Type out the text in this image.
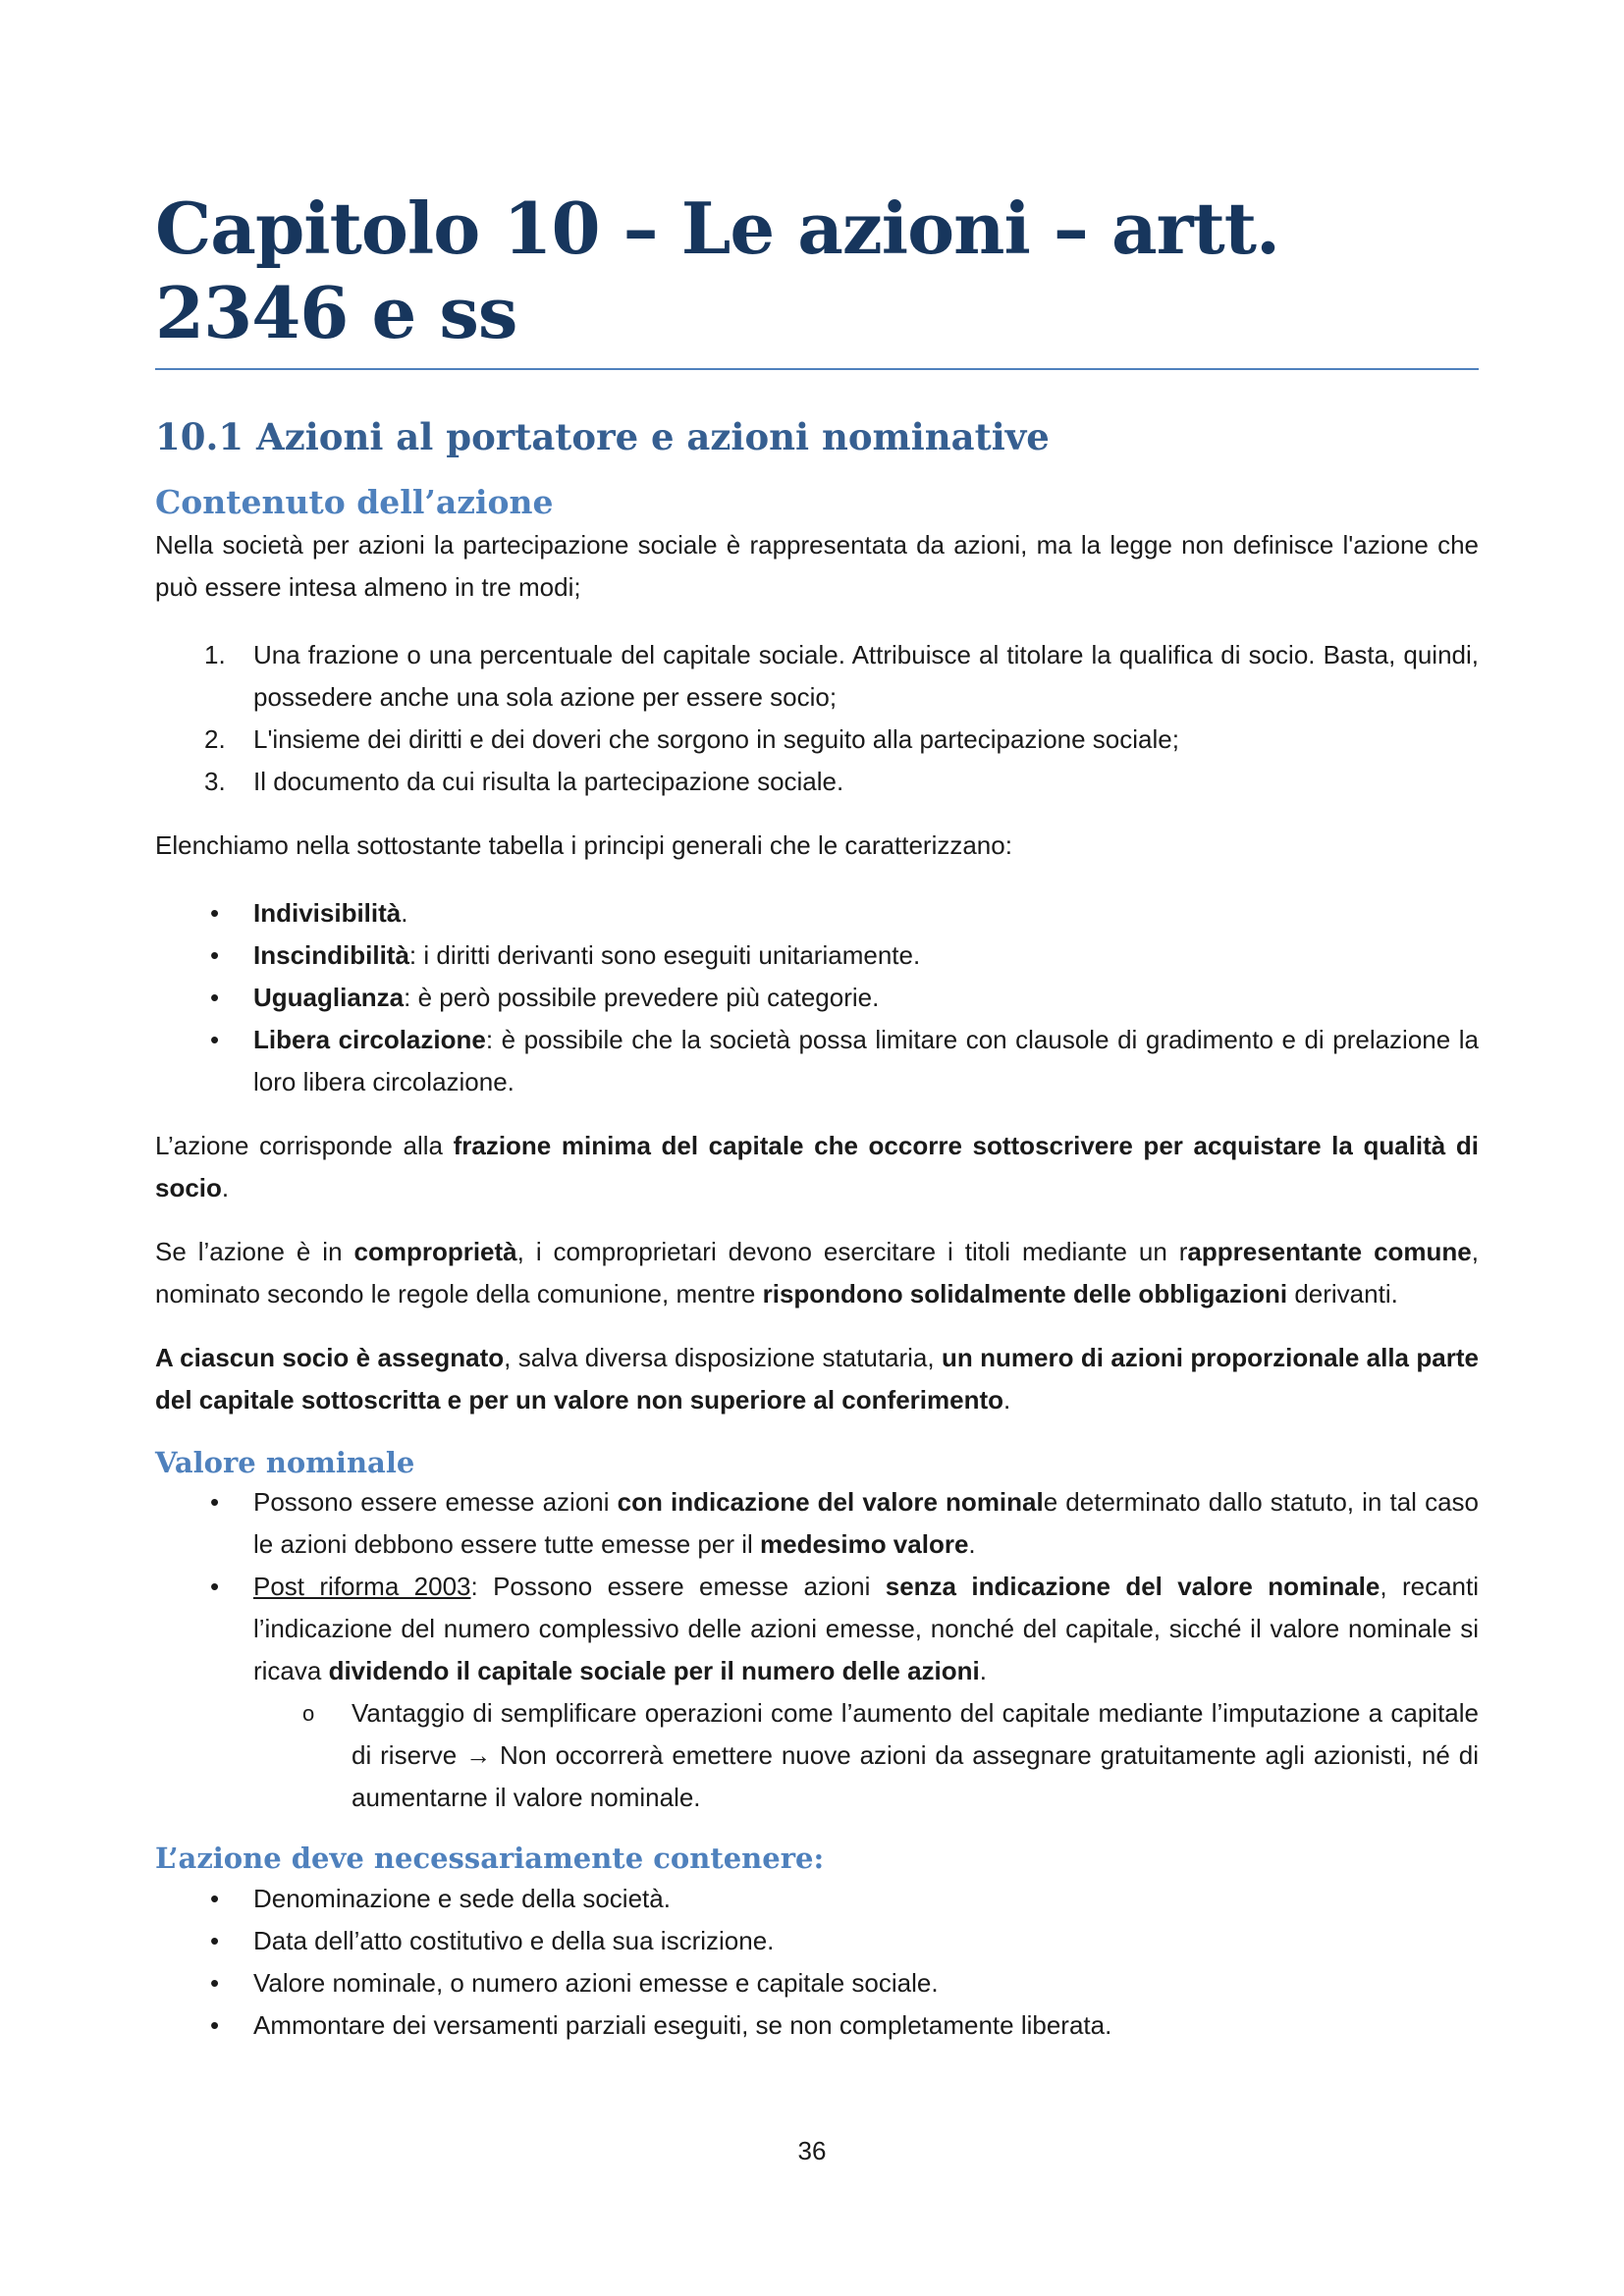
Capitolo 10 – Le azioni – artt. 2346 e ss
10.1 Azioni al portatore e azioni nominative
Contenuto dell’azione

Nella società per azioni la partecipazione sociale è rappresentata da azioni, ma la legge non definisce l'azione che può essere intesa almeno in tre modi;

1. Una frazione o una percentuale del capitale sociale. Attribuisce al titolare la qualifica di socio. Basta, quindi, possedere anche una sola azione per essere socio;
2. L'insieme dei diritti e dei doveri che sorgono in seguito alla partecipazione sociale;
3. Il documento da cui risulta la partecipazione sociale.

Elenchiamo nella sottostante tabella i principi generali che le caratterizzano:

• Indivisibilità.
• Inscindibilità: i diritti derivanti sono eseguiti unitariamente.
• Uguaglianza: è però possibile prevedere più categorie.
• Libera circolazione: è possibile che la società possa limitare con clausole di gradimento e di prelazione la loro libera circolazione.

L’azione corrisponde alla frazione minima del capitale che occorre sottoscrivere per acquistare la qualità di socio.

Se l’azione è in comproprietà, i comproprietari devono esercitare i titoli mediante un rappresentante comune, nominato secondo le regole della comunione, mentre rispondono solidalmente delle obbligazioni derivanti.

A ciascun socio è assegnato, salva diversa disposizione statutaria, un numero di azioni proporzionale alla parte del capitale sottoscritta e per un valore non superiore al conferimento.

Valore nominale
• Possono essere emesse azioni con indicazione del valore nominale determinato dallo statuto, in tal caso le azioni debbono essere tutte emesse per il medesimo valore.
• Post riforma 2003: Possono essere emesse azioni senza indicazione del valore nominale, recanti l’indicazione del numero complessivo delle azioni emesse, nonché del capitale, sicché il valore nominale si ricava dividendo il capitale sociale per il numero delle azioni.
o Vantaggio di semplificare operazioni come l’aumento del capitale mediante l’imputazione a capitale di riserve → Non occorrerà emettere nuove azioni da assegnare gratuitamente agli azionisti, né di aumentarne il valore nominale.
L’azione deve necessariamente contenere:
• Denominazione e sede della società.
• Data dell’atto costitutivo e della sua iscrizione.
• Valore nominale, o numero azioni emesse e capitale sociale.
• Ammontare dei versamenti parziali eseguiti, se non completamente liberata.
36
